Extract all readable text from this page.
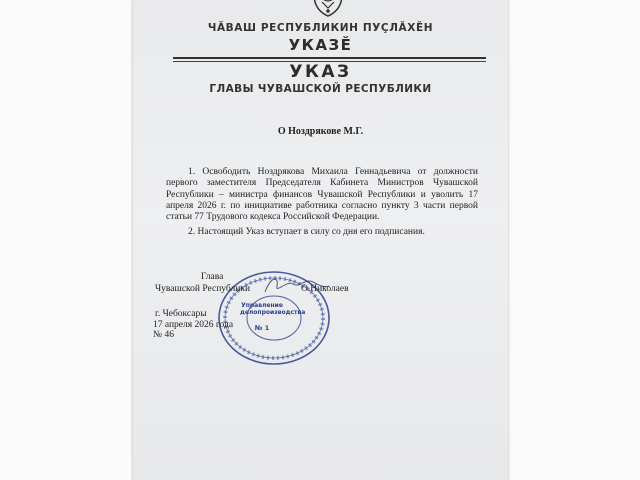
ЧӐВАШ РЕСПУБЛИКИН ПУҪЛӐХӖН
УКАЗӖ
УКАЗ
ГЛАВЫ ЧУВАШСКОЙ РЕСПУБЛИКИ
О Ноздрякове М.Г.

1. Освободить Ноздрякова Михаила Геннадьевича от должности первого заместителя Председателя Кабинета Министров Чувашской Республики – министра финансов Чувашской Республики и уволить 17 апреля 2026 г. по инициативе работника согласно пункту 3 части первой статьи 77 Трудового кодекса Российской Федерации.

2. Настоящий Указ вступает в силу со дня его подписания.

Управление делопроизводства
№ 1
Глава
Чувашской Республики	О.Николаев
г. Чебоксары
17 апреля 2026 года
№ 46
